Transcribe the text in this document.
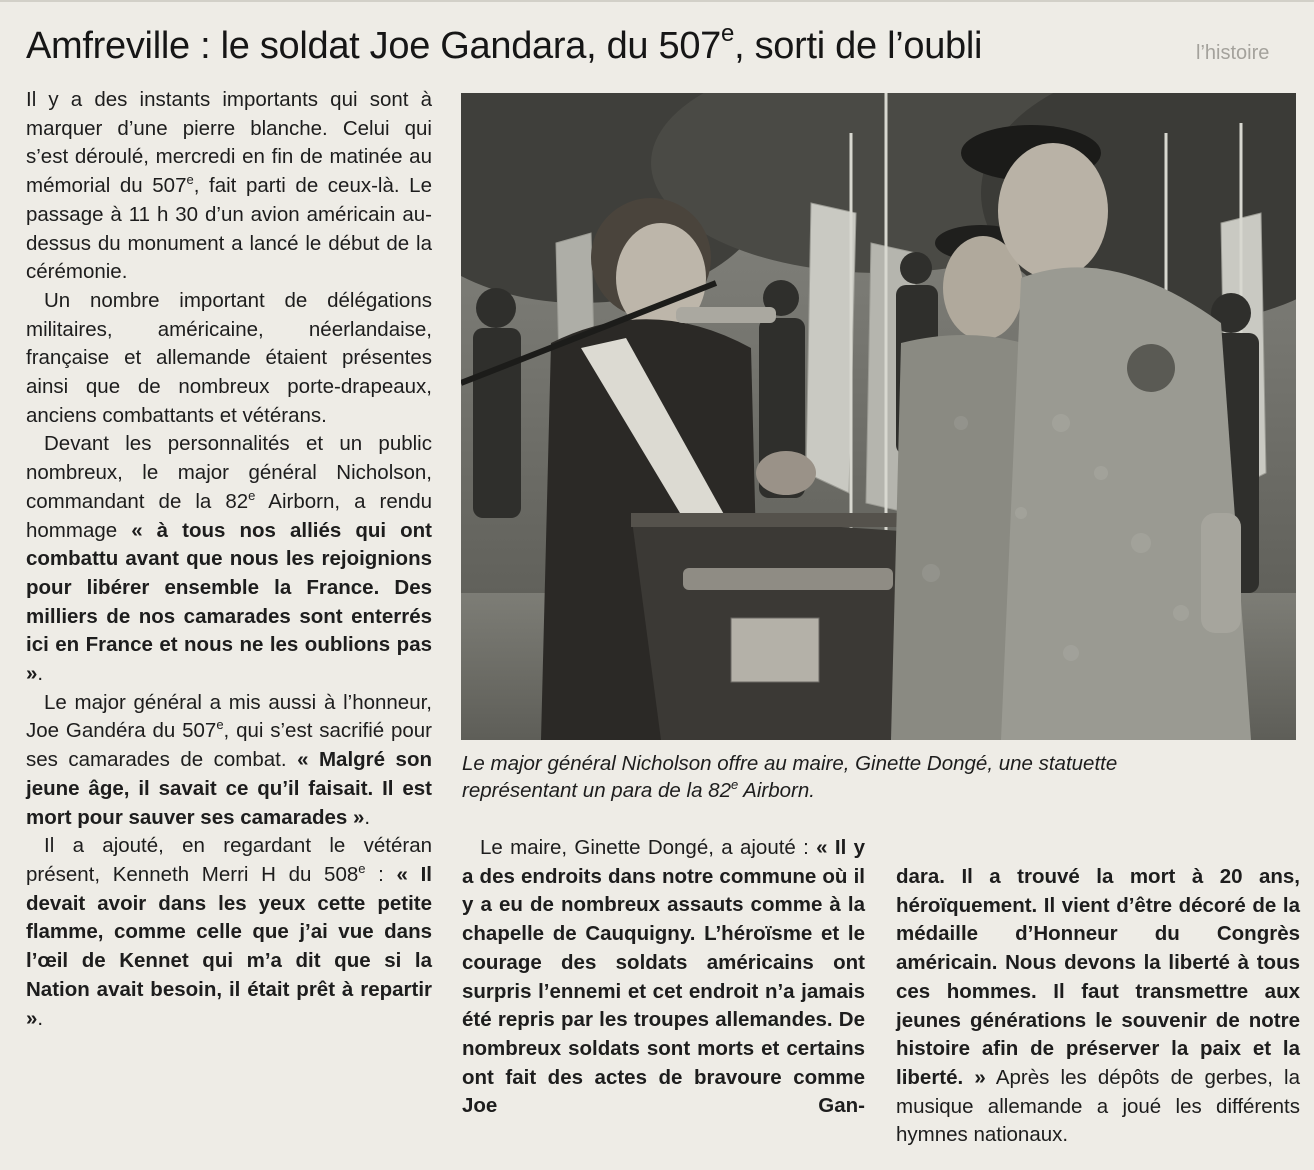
l’histoire
Amfreville : le soldat Joe Gandara, du 507e, sorti de l’oubli

Il y a des instants importants qui sont à marquer d’une pierre blanche. Celui qui s’est déroulé, mercredi en fin de matinée au mémorial du 507e, fait parti de ceux-là. Le passage à 11 h 30 d’un avion américain au-dessus du monument a lancé le début de la cérémonie.

Un nombre important de délégations militaires, américaine, néerlandaise, française et allemande étaient présentes ainsi que de nombreux porte-drapeaux, anciens combattants et vétérans.

Devant les personnalités et un public nombreux, le major général Nicholson, commandant de la 82e Airborn, a rendu hommage « à tous nos alliés qui ont combattu avant que nous les rejoignions pour libérer ensemble la France. Des milliers de nos camarades sont enterrés ici en France et nous ne les oublions pas ».

Le major général a mis aussi à l’honneur, Joe Gandéra du 507e, qui s’est sacrifié pour ses camarades de combat. « Malgré son jeune âge, il savait ce qu’il faisait. Il est mort pour sauver ses camarades ».

Il a ajouté, en regardant le vétéran présent, Kenneth Merri H du 508e : « Il devait avoir dans les yeux cette petite flamme, comme celle que j’ai vue dans l’œil de Kennet qui m’a dit que si la Nation avait besoin, il était prêt à repartir ».

Le major général Nicholson offre au maire, Ginette Dongé, une statuette
représentant un para de la 82e Airborn.

Le maire, Ginette Dongé, a ajouté : « Il y a des endroits dans notre commune où il y a eu de nombreux assauts comme à la chapelle de Cauquigny. L’héroïsme et le courage des soldats américains ont surpris l’ennemi et cet endroit n’a jamais été repris par les troupes allemandes. De nombreux soldats sont morts et certains ont fait des actes de bravoure comme Joe Gan-

dara. Il a trouvé la mort à 20 ans, héroïquement. Il vient d’être décoré de la médaille d’Honneur du Congrès américain. Nous devons la liberté à tous ces hommes. Il faut transmettre aux jeunes générations le souvenir de notre histoire afin de préserver la paix et la liberté. » Après les dépôts de gerbes, la musique allemande a joué les différents hymnes nationaux.
